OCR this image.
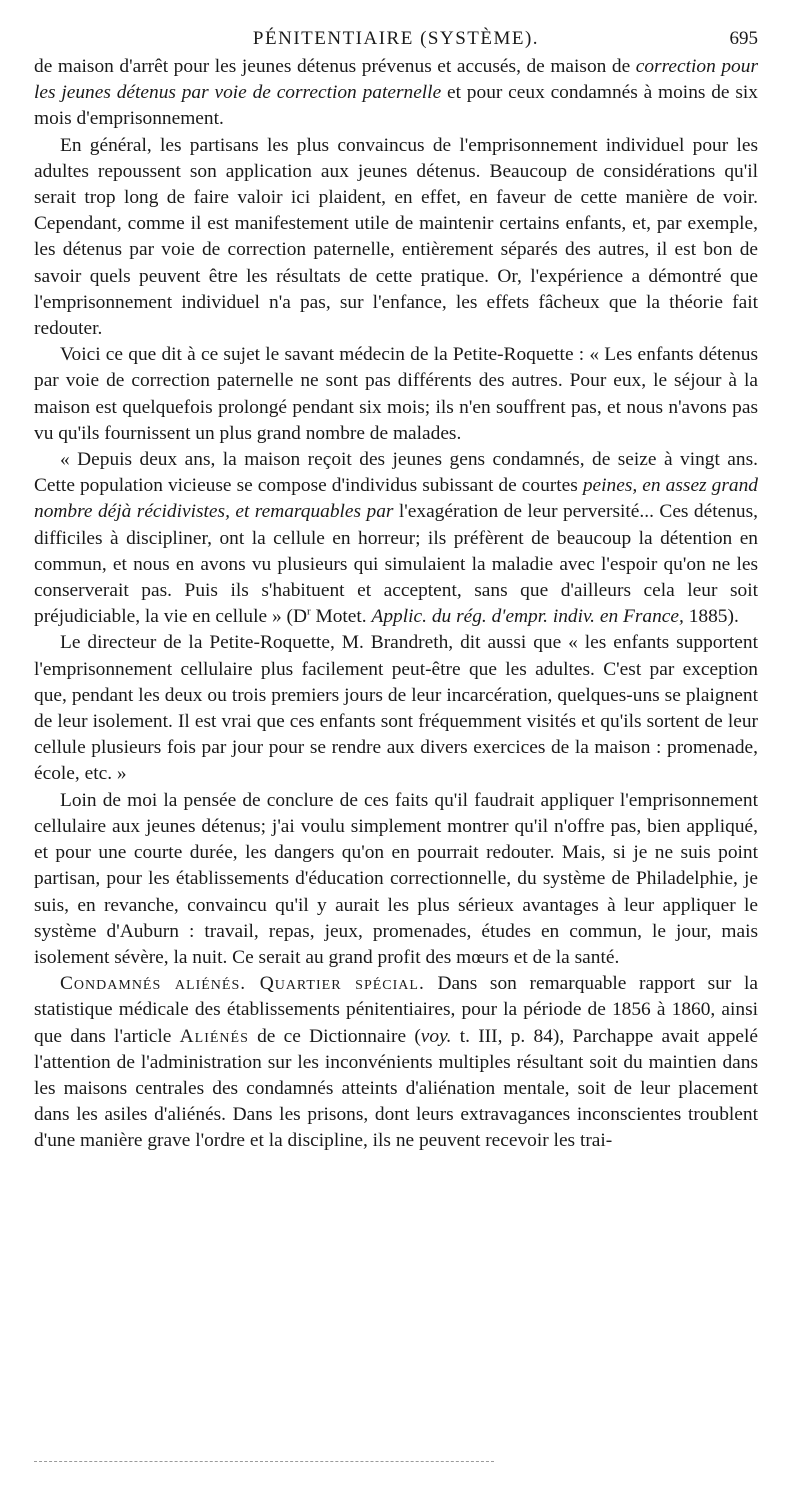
PÉNITENTIAIRE (SYSTÈME).	695

de maison d'arrêt pour les jeunes détenus prévenus et accusés, de maison de correction pour les jeunes détenus par voie de correction paternelle et pour ceux condamnés à moins de six mois d'emprisonnement.

En général, les partisans les plus convaincus de l'emprisonnement individuel pour les adultes repoussent son application aux jeunes détenus. Beaucoup de considérations qu'il serait trop long de faire valoir ici plaident, en effet, en faveur de cette manière de voir. Cependant, comme il est manifestement utile de maintenir certains enfants, et, par exemple, les détenus par voie de correction paternelle, entièrement séparés des autres, il est bon de savoir quels peuvent être les résultats de cette pratique. Or, l'expérience a démontré que l'emprisonnement individuel n'a pas, sur l'enfance, les effets fâcheux que la théorie fait redouter.

Voici ce que dit à ce sujet le savant médecin de la Petite-Roquette : « Les enfants détenus par voie de correction paternelle ne sont pas différents des autres. Pour eux, le séjour à la maison est quelquefois prolongé pendant six mois; ils n'en souffrent pas, et nous n'avons pas vu qu'ils fournissent un plus grand nombre de malades.

« Depuis deux ans, la maison reçoit des jeunes gens condamnés, de seize à vingt ans. Cette population vicieuse se compose d'individus subissant de courtes peines, en assez grand nombre déjà récidivistes, et remarquables par l'exagération de leur perversité... Ces détenus, difficiles à discipliner, ont la cellule en horreur; ils préfèrent de beaucoup la détention en commun, et nous en avons vu plusieurs qui simulaient la maladie avec l'espoir qu'on ne les conserverait pas. Puis ils s'habituent et acceptent, sans que d'ailleurs cela leur soit préjudiciable, la vie en cellule » ($D^r$ Motet. Applic. du rég. d'empr. indiv. en France, 1885).

Le directeur de la Petite-Roquette, M. Brandreth, dit aussi que « les enfants supportent l'emprisonnement cellulaire plus facilement peut-être que les adultes. C'est par exception que, pendant les deux ou trois premiers jours de leur incarcération, quelques-uns se plaignent de leur isolement. Il est vrai que ces enfants sont fréquemment visités et qu'ils sortent de leur cellule plusieurs fois par jour pour se rendre aux divers exercices de la maison : promenade, école, etc. »

Loin de moi la pensée de conclure de ces faits qu'il faudrait appliquer l'emprisonnement cellulaire aux jeunes détenus; j'ai voulu simplement montrer qu'il n'offre pas, bien appliqué, et pour une courte durée, les dangers qu'on en pourrait redouter. Mais, si je ne suis point partisan, pour les établissements d'éducation correctionnelle, du système de Philadelphie, je suis, en revanche, convaincu qu'il y aurait les plus sérieux avantages à leur appliquer le système d'Auburn : travail, repas, jeux, promenades, études en commun, le jour, mais isolement sévère, la nuit. Ce serait au grand profit des mœurs et de la santé.

Condamnés aliénés. Quartier spécial. Dans son remarquable rapport sur la statistique médicale des établissements pénitentiaires, pour la période de 1856 à 1860, ainsi que dans l'article Aliénés de ce Dictionnaire (voy. t. III, p. 84), Parchappe avait appelé l'attention de l'administration sur les inconvénients multiples résultant soit du maintien dans les maisons centrales des condamnés atteints d'aliénation mentale, soit de leur placement dans les asiles d'aliénés. Dans les prisons, dont leurs extravagances inconscientes troublent d'une manière grave l'ordre et la discipline, ils ne peuvent recevoir les trai-
